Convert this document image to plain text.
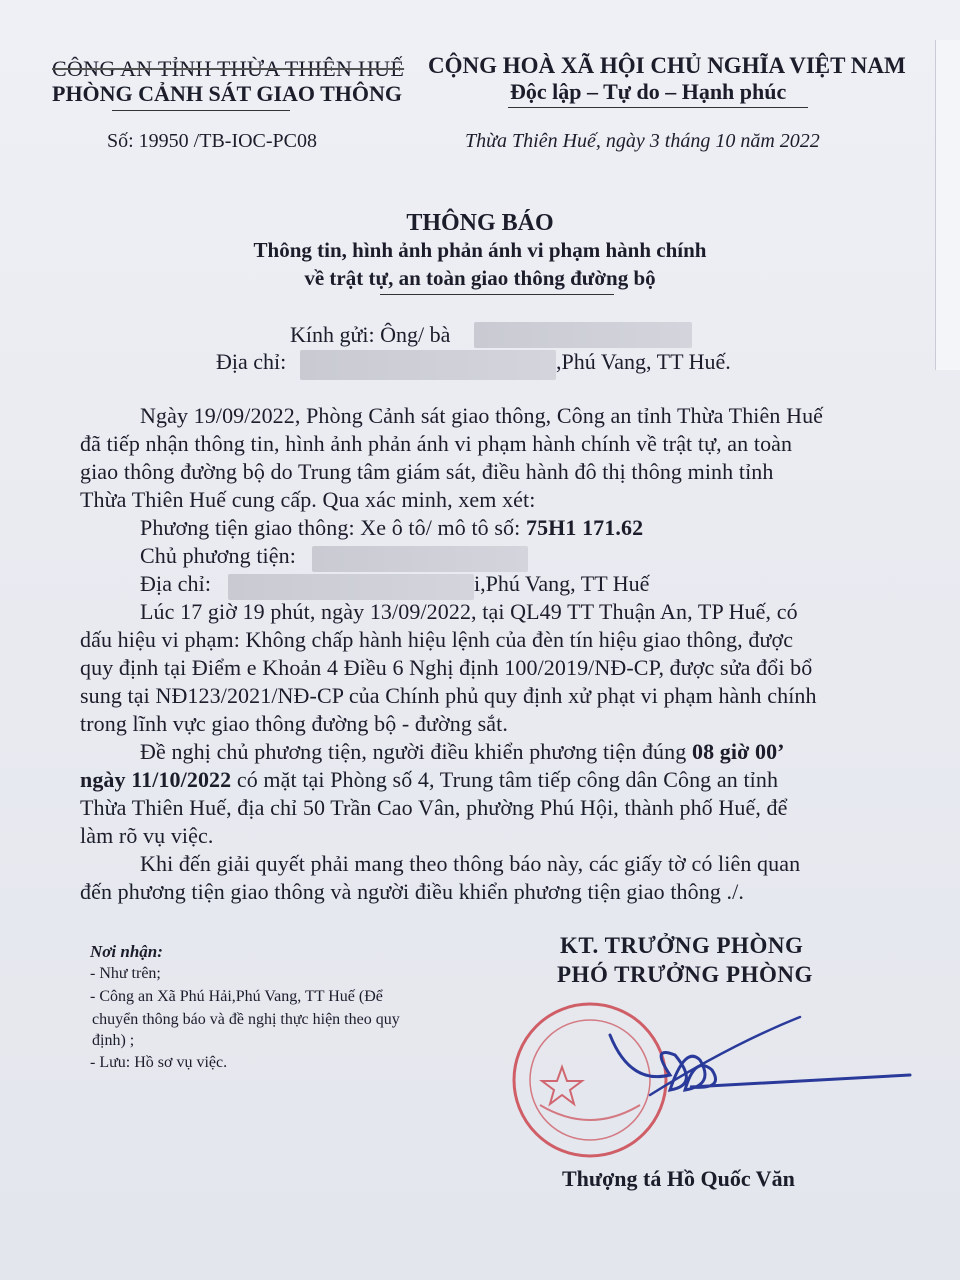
CÔNG AN TỈNH THỪA THIÊN HUẾ
PHÒNG CẢNH SÁT GIAO THÔNG
CỘNG HOÀ XÃ HỘI CHỦ NGHĨA VIỆT NAM
Độc lập – Tự do – Hạnh phúc
Số: 19950 /TB-IOC-PC08	Thừa Thiên Huế, ngày 3 tháng 10 năm 2022
THÔNG BÁO
Thông tin, hình ảnh phản ánh vi phạm hành chính
về trật tự, an toàn giao thông đường bộ
Kính gửi: Ông/ bà
Địa chỉ:	,Phú Vang, TT Huế.
Ngày 19/09/2022, Phòng Cảnh sát giao thông, Công an tỉnh Thừa Thiên Huế
đã tiếp nhận thông tin, hình ảnh phản ánh vi phạm hành chính về trật tự, an toàn
giao thông đường bộ do Trung tâm giám sát, điều hành đô thị thông minh tỉnh
Thừa Thiên Huế cung cấp. Qua xác minh, xem xét:
Phương tiện giao thông: Xe ô tô/ mô tô số: 75H1 171.62
Chủ phương tiện:
Địa chỉ:	i,Phú Vang, TT Huế
Lúc 17 giờ 19 phút, ngày 13/09/2022, tại QL49 TT Thuận An, TP Huế, có
dấu hiệu vi phạm: Không chấp hành hiệu lệnh của đèn tín hiệu giao thông, được
quy định tại Điểm e Khoản 4 Điều 6 Nghị định 100/2019/NĐ-CP, được sửa đổi bổ
sung tại NĐ123/2021/NĐ-CP của Chính phủ quy định xử phạt vi phạm hành chính
trong lĩnh vực giao thông đường bộ - đường sắt.
Đề nghị chủ phương tiện, người điều khiển phương tiện đúng 08 giờ 00’
ngày 11/10/2022 có mặt tại Phòng số 4, Trung tâm tiếp công dân Công an tỉnh
Thừa Thiên Huế, địa chỉ 50 Trần Cao Vân, phường Phú Hội, thành phố Huế, để
làm rõ vụ việc.
Khi đến giải quyết phải mang theo thông báo này, các giấy tờ có liên quan
đến phương tiện giao thông và người điều khiển phương tiện giao thông ./.
Nơi nhận:
- Như trên;
- Công an Xã Phú Hải,Phú Vang, TT Huế (Để
chuyển thông báo và đề nghị thực hiện theo quy
định) ;
- Lưu: Hồ sơ vụ việc.
KT. TRƯỞNG PHÒNG
PHÓ TRƯỞNG PHÒNG
Thượng tá Hồ Quốc Văn
